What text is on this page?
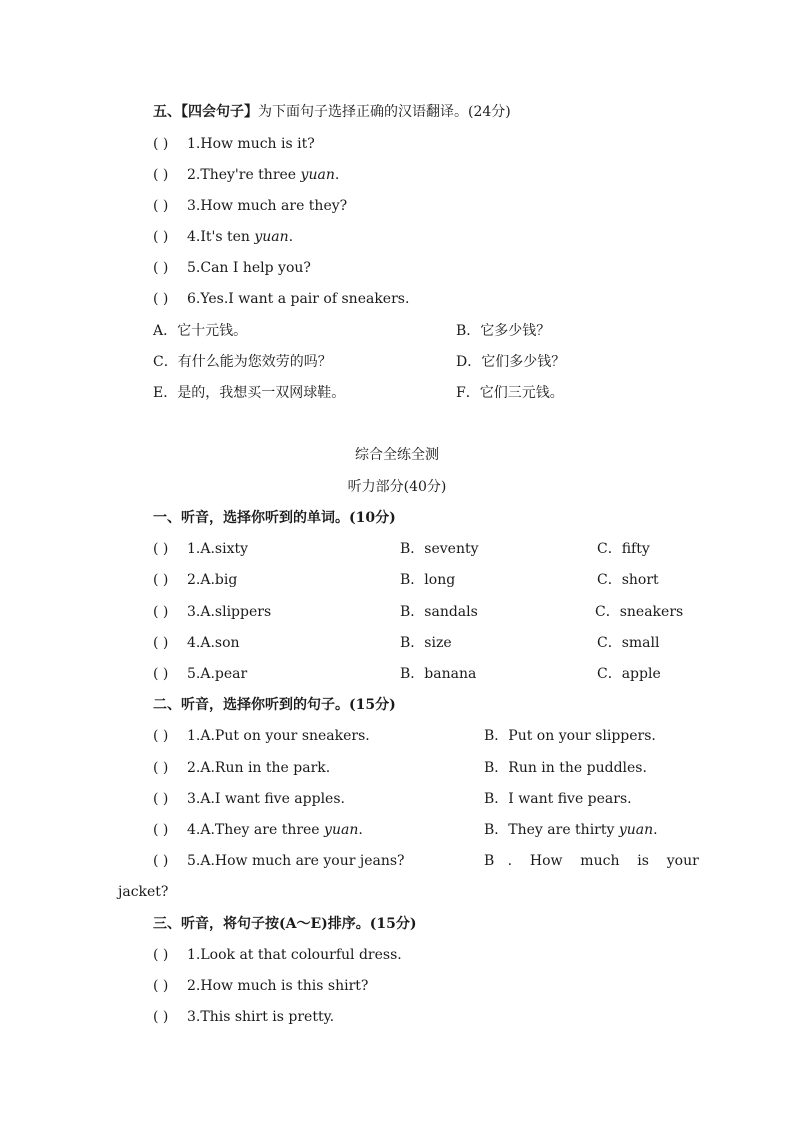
五、【四会句子】为下面句子选择正确的汉语翻译。(24分)
( ) 1.How much is it?
( ) 2.They're three yuan.
( ) 3.How much are they?
( ) 4.It's ten yuan.
( ) 5.Can I help you?
( ) 6.Yes.I want a pair of sneakers.
A．它十元钱。	B．它多少钱？
C．有什么能为您效劳的吗？	D．它们多少钱？
E．是的，我想买一双网球鞋。	F．它们三元钱。
综合全练全测
听力部分(40分)
一、听音，选择你听到的单词。(10分)
( ) 1.A.sixty	B．seventy	C．fifty
( ) 2.A.big	B．long	C．short
( ) 3.A.slippers	B．sandals	C．sneakers
( ) 4.A.son	B．size	C．small
( ) 5.A.pear	B．banana	C．apple
二、听音，选择你听到的句子。(15分)
( ) 1.A.Put on your sneakers.	B．Put on your slippers.
( ) 2.A.Run in the park.	B．Run in the puddles.
( ) 3.A.I want five apples.	B．I want five pears.
( ) 4.A.They are three yuan.	B．They are thirty yuan.
( ) 5.A.How much are your jeans?	B   .    How    much    is    your
jacket?
三、听音，将句子按(A～E)排序。(15分)
( ) 1.Look at that colourful dress.
( ) 2.How much is this shirt?
( ) 3.This shirt is pretty.
